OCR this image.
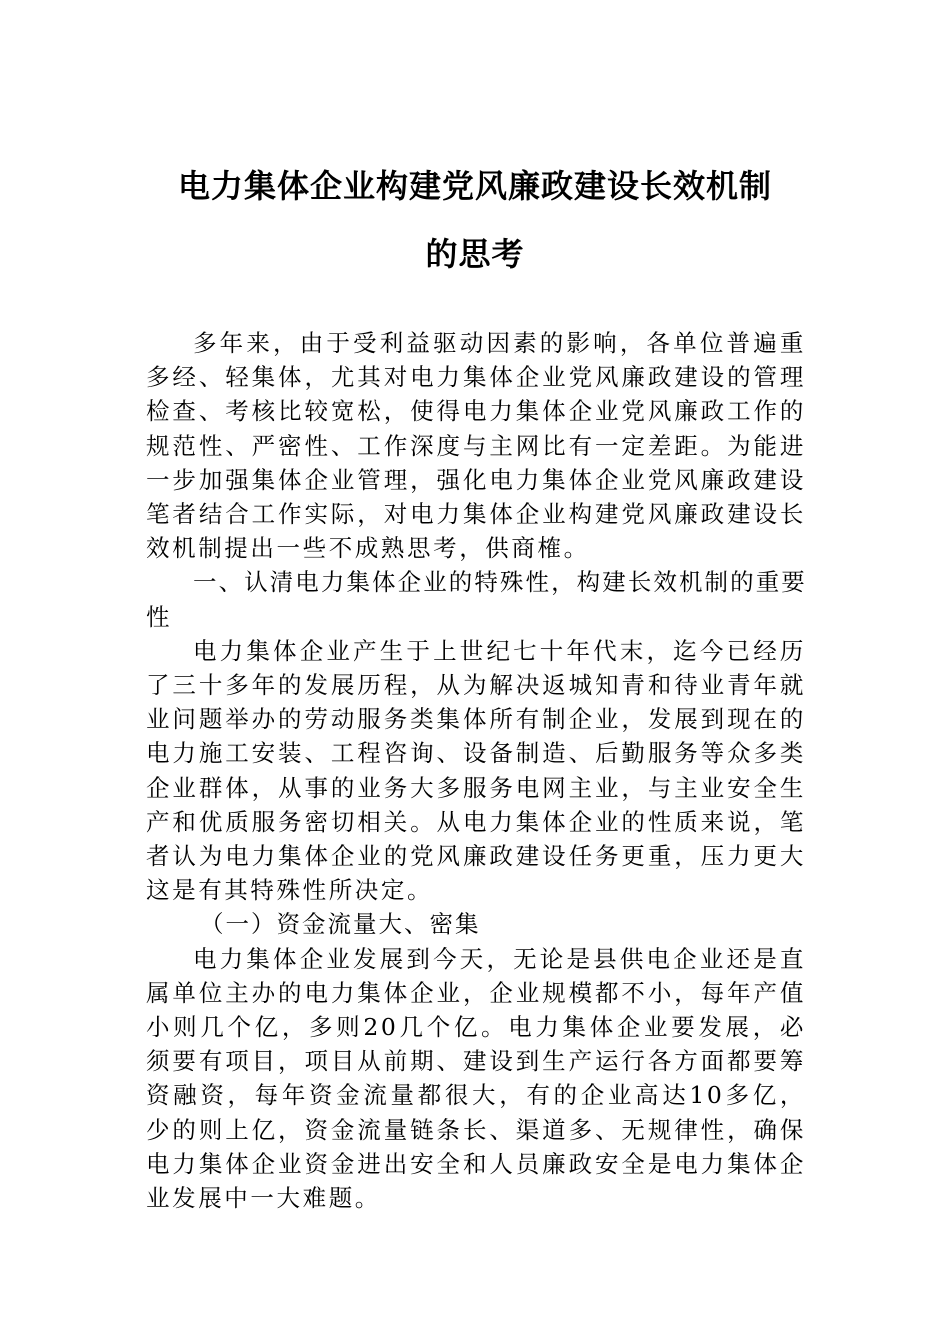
电力集体企业构建党风廉政建设长效机制
的思考

多年来，由于受利益驱动因素的影响，各单位普遍重多经、轻集体，尤其对电力集体企业党风廉政建设的管理检查、考核比较宽松，使得电力集体企业党风廉政工作的规范性、严密性、工作深度与主网比有一定差距。为能进一步加强集体企业管理，强化电力集体企业党风廉政建设笔者结合工作实际，对电力集体企业构建党风廉政建设长效机制提出一些不成熟思考，供商榷。

一、认清电力集体企业的特殊性，构建长效机制的重要性

电力集体企业产生于上世纪七十年代末，迄今已经历了三十多年的发展历程，从为解决返城知青和待业青年就业问题举办的劳动服务类集体所有制企业，发展到现在的电力施工安装、工程咨询、设备制造、后勤服务等众多类企业群体，从事的业务大多服务电网主业，与主业安全生产和优质服务密切相关。从电力集体企业的性质来说，笔者认为电力集体企业的党风廉政建设任务更重，压力更大这是有其特殊性所决定。

（一）资金流量大、密集

电力集体企业发展到今天，无论是县供电企业还是直属单位主办的电力集体企业，企业规模都不小，每年产值小则几个亿，多则20几个亿。电力集体企业要发展，必须要有项目，项目从前期、建设到生产运行各方面都要筹资融资，每年资金流量都很大，有的企业高达10多亿，少的则上亿，资金流量链条长、渠道多、无规律性，确保电力集体企业资金进出安全和人员廉政安全是电力集体企业发展中一大难题。
